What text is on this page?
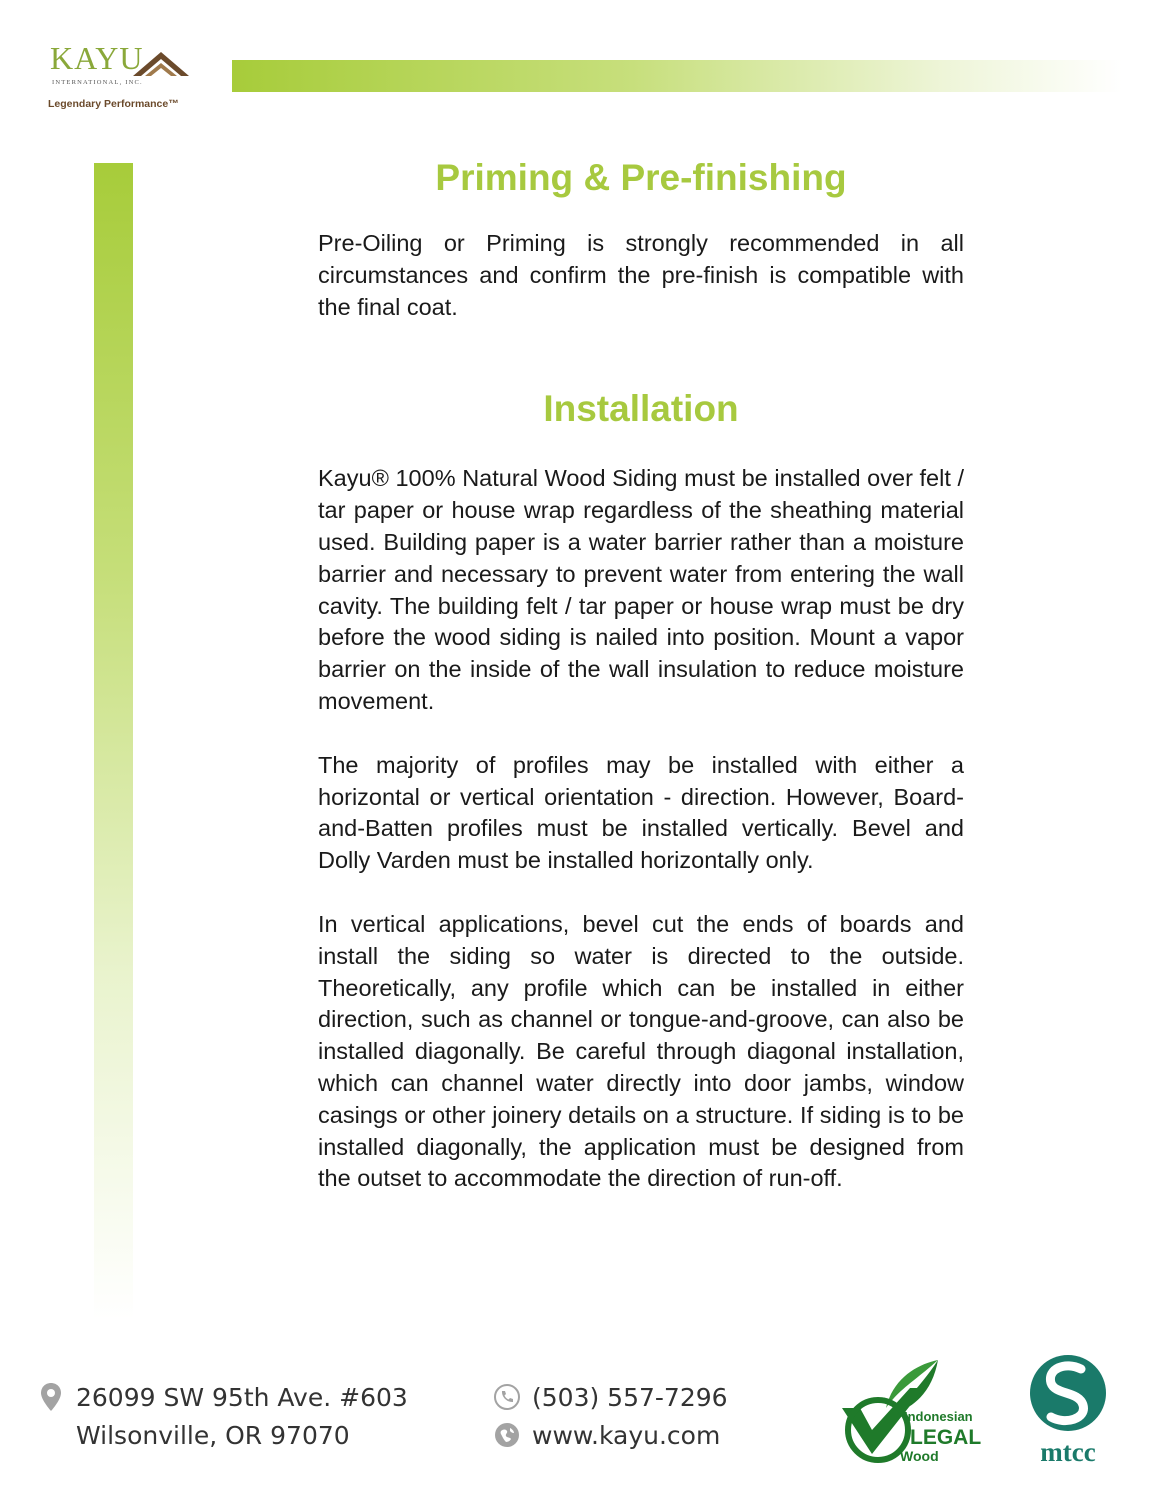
KAYU
INTERNATIONAL, INC.
Legendary Performance™
Priming & Pre-finishing

Pre-Oiling or Priming is strongly recommended in all circumstances and confirm the pre-finish is compatible with the final coat.

Installation

Kayu® 100% Natural Wood Siding must be installed over felt / tar paper or house wrap regardless of the sheathing material used. Building paper is a water barrier rather than a moisture barrier and necessary to prevent water from entering the wall cavity. The building felt / tar paper or house wrap must be dry before the wood siding is nailed into position. Mount a vapor barrier on the inside of the wall insulation to reduce moisture movement.

The majority of profiles may be installed with either a horizontal or vertical orientation - direction. However, Board-and-Batten profiles must be installed vertically. Bevel and Dolly Varden must be installed horizontally only.

In vertical applications, bevel cut the ends of boards and install the siding so water is directed to the outside. Theoretically, any profile which can be installed in either direction, such as channel or tongue-and-groove, can also be installed diagonally. Be careful through diagonal installation, which can channel water directly into door jambs, window casings or other joinery details on a structure. If siding is to be installed diagonally, the application must be designed from the outset to accommodate the direction of run-off.

26099 SW 95th Ave. #603
Wilsonville, OR 97070
(503) 557-7296
www.kayu.com
Indonesian
LEGAL
Wood	mtcc
